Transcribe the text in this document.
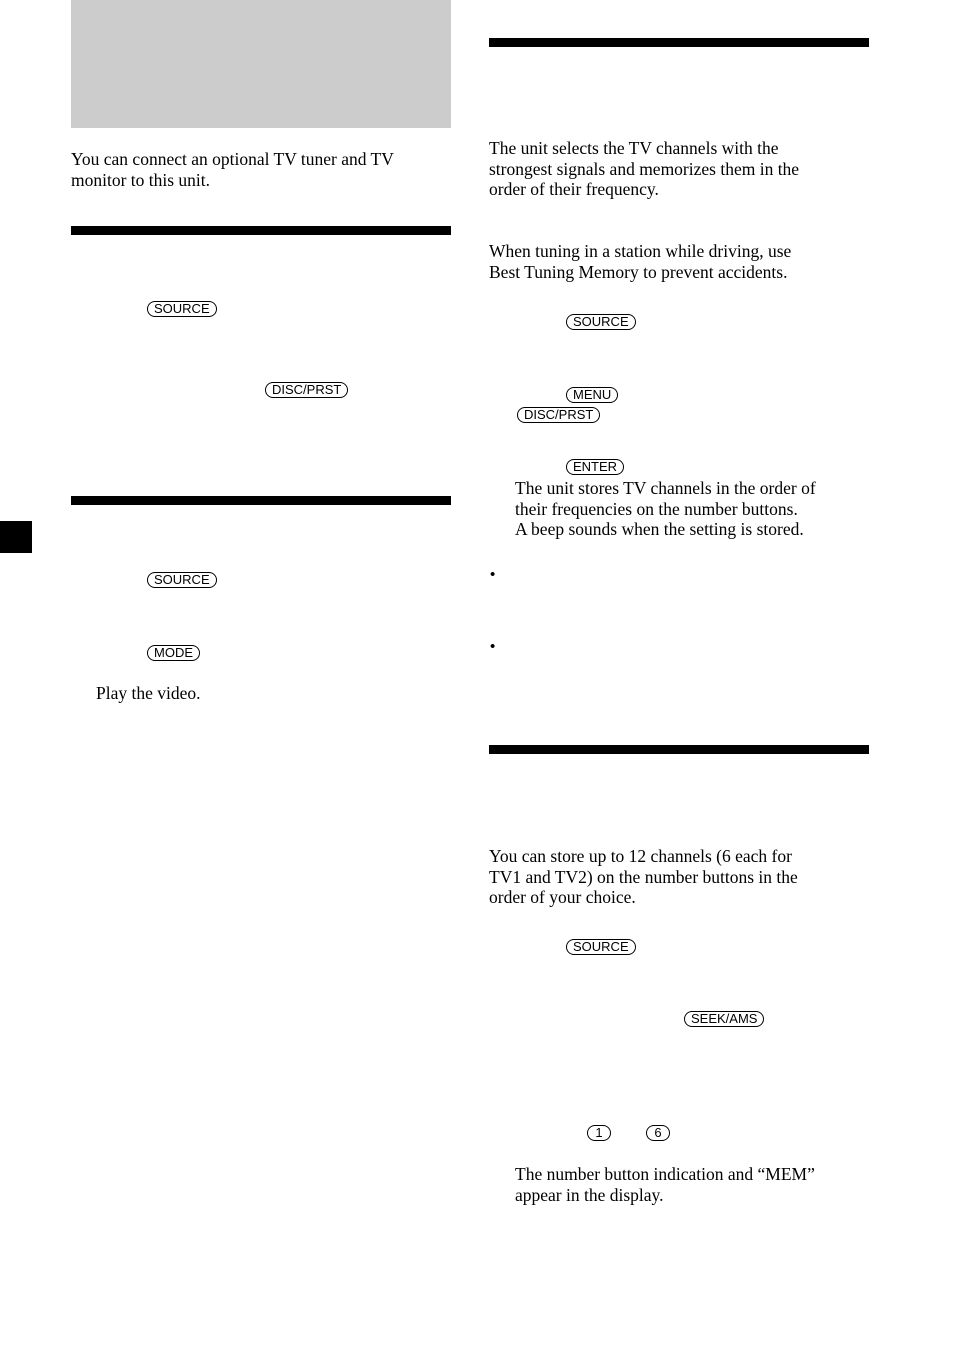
You can connect an optional TV tuner and TV
monitor to this unit.
SOURCE
DISC/PRST
SOURCE
MODE
Play the video.
The unit selects the TV channels with the
strongest signals and memorizes them in the
order of their frequency.
When tuning in a station while driving, use
Best Tuning Memory to prevent accidents.
SOURCE
MENU
DISC/PRST
ENTER
The unit stores TV channels in the order of
their frequencies on the number buttons.
A beep sounds when the setting is stored.
•
•
You can store up to 12 channels (6 each for
TV1 and TV2) on the number buttons in the
order of your choice.
SOURCE
SEEK/AMS
1	6
The number button indication and “MEM”
appear in the display.
